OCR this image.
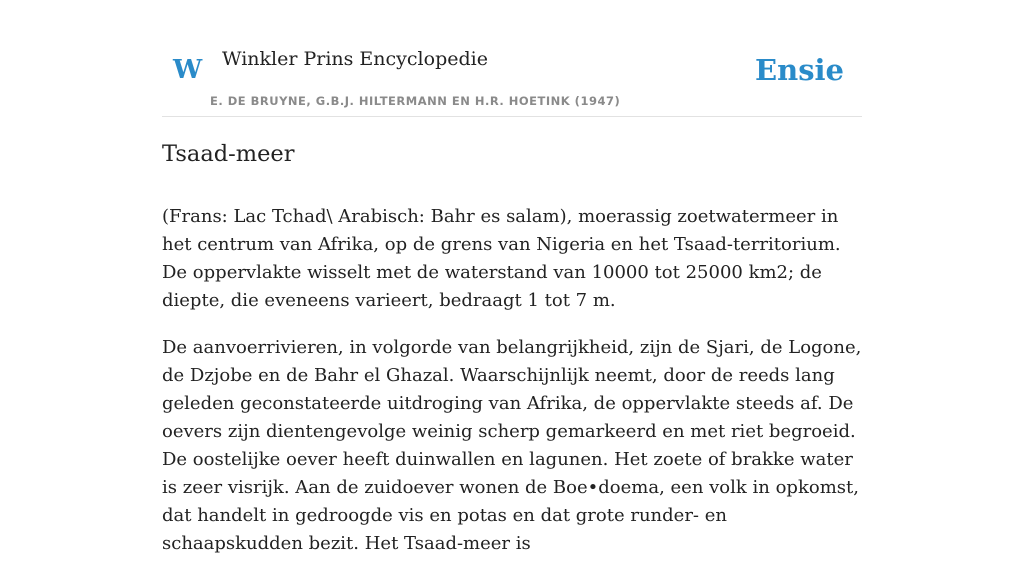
W Winkler Prins Encyclopedie
E. DE BRUYNE, G.B.J. HILTERMANN EN H.R. HOETINK (1947)
Ensie
Tsaad-meer

(Frans: Lac Tchad\ Arabisch: Bahr es salam), moerassig zoetwatermeer in het centrum van Afrika, op de grens van Nigeria en het Tsaad-territorium. De oppervlakte wisselt met de waterstand van 10000 tot 25000 km2; de diepte, die eveneens varieert, bedraagt 1 tot 7 m.

De aanvoerrivieren, in volgorde van belangrijkheid, zijn de Sjari, de Logone, de Dzjobe en de Bahr el Ghazal. Waarschijnlijk neemt, door de reeds lang geleden geconstateerde uitdroging van Afrika, de oppervlakte steeds af. De oevers zijn dientengevolge weinig scherp gemarkeerd en met riet begroeid. De oostelijke oever heeft duinwallen en lagunen. Het zoete of brakke water is zeer visrijk. Aan de zuidoever wonen de Boe•doema, een volk in opkomst, dat handelt in gedroogde vis en potas en dat grote runder- en schaapskudden bezit. Het Tsaad-meer is
